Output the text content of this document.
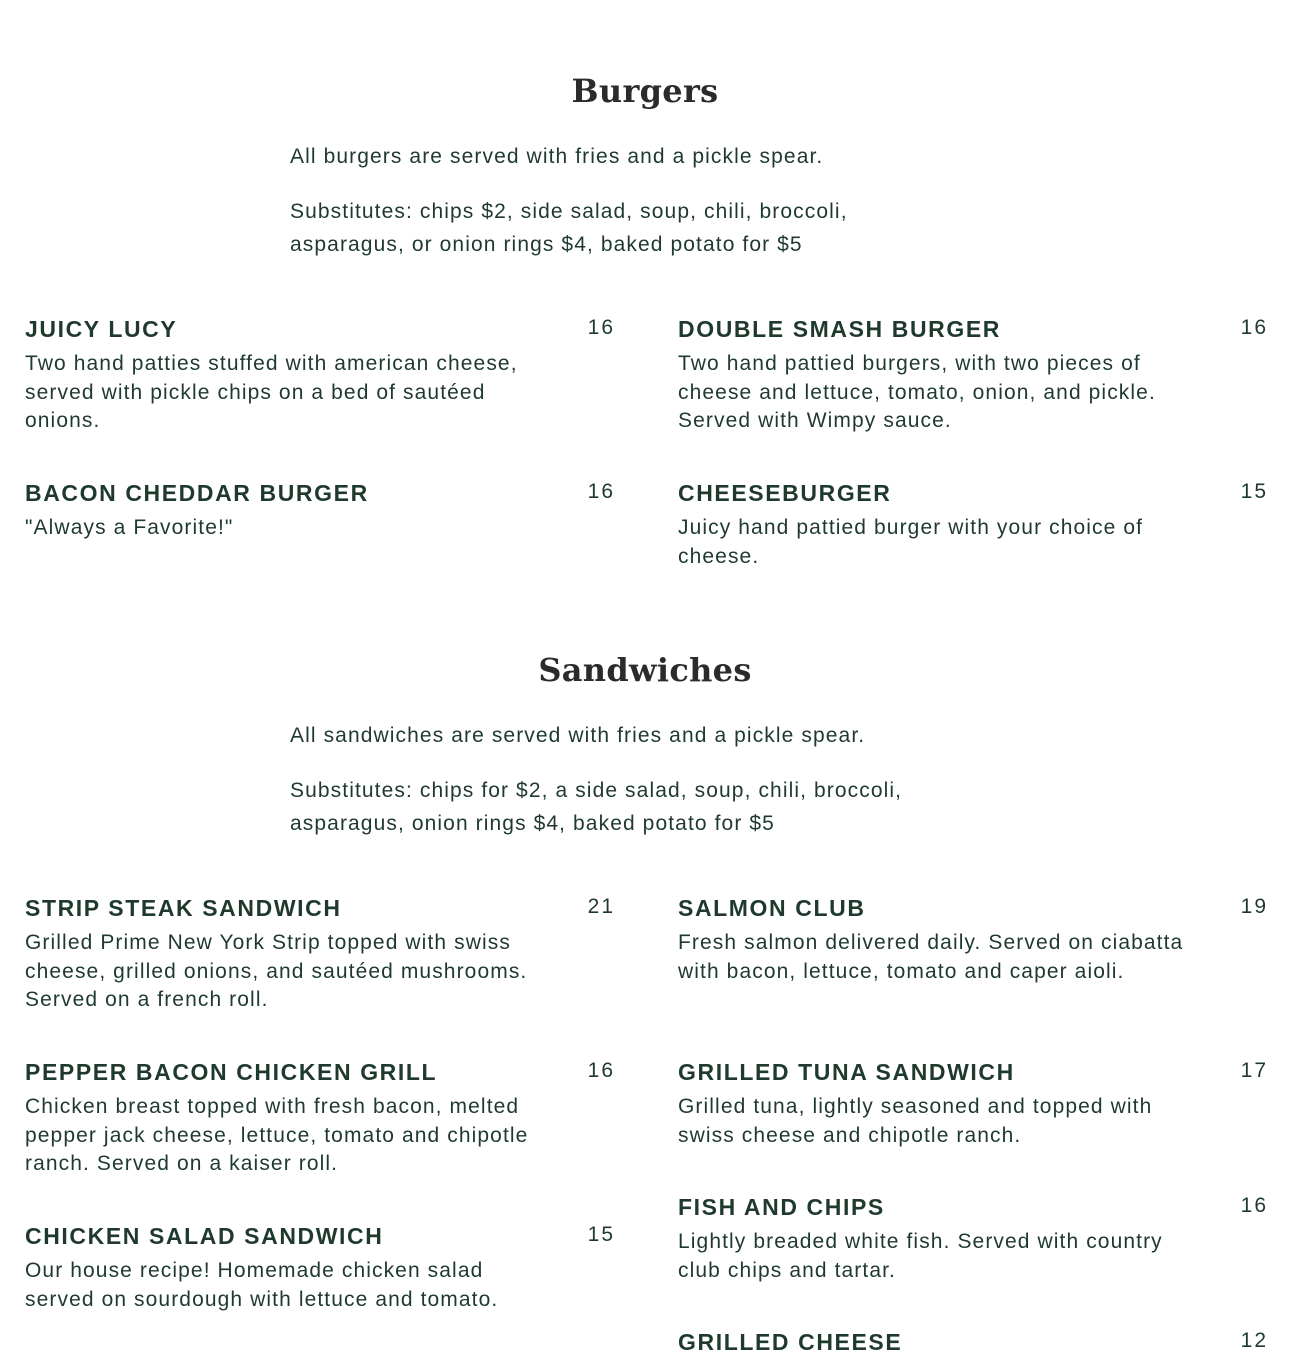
Burgers

All burgers are served with fries and a pickle spear.

Substitutes: chips $2, side salad, soup, chili, broccoli, asparagus, or onion rings $4, baked potato for $5

JUICY LUCY	16

Two hand patties stuffed with american cheese, served with pickle chips on a bed of sautéed onions.

DOUBLE SMASH BURGER	16

Two hand pattied burgers, with two pieces of cheese and lettuce, tomato, onion, and pickle. Served with Wimpy sauce.

BACON CHEDDAR BURGER	16

"Always a Favorite!"

CHEESEBURGER	15

Juicy hand pattied burger with your choice of cheese.

Sandwiches

All sandwiches are served with fries and a pickle spear.

Substitutes: chips for $2, a side salad, soup, chili, broccoli, asparagus, onion rings $4, baked potato for $5

STRIP STEAK SANDWICH	21

Grilled Prime New York Strip topped with swiss cheese, grilled onions, and sautéed mushrooms. Served on a french roll.

SALMON CLUB	19

Fresh salmon delivered daily. Served on ciabatta with bacon, lettuce, tomato and caper aioli.

PEPPER BACON CHICKEN GRILL	16

Chicken breast topped with fresh bacon, melted pepper jack cheese, lettuce, tomato and chipotle ranch. Served on a kaiser roll.

GRILLED TUNA SANDWICH	17

Grilled tuna, lightly seasoned and topped with swiss cheese and chipotle ranch.

CHICKEN SALAD SANDWICH	15

Our house recipe! Homemade chicken salad served on sourdough with lettuce and tomato.

FISH AND CHIPS	16

Lightly breaded white fish. Served with country club chips and tartar.

GRILLED CHEESE	12
